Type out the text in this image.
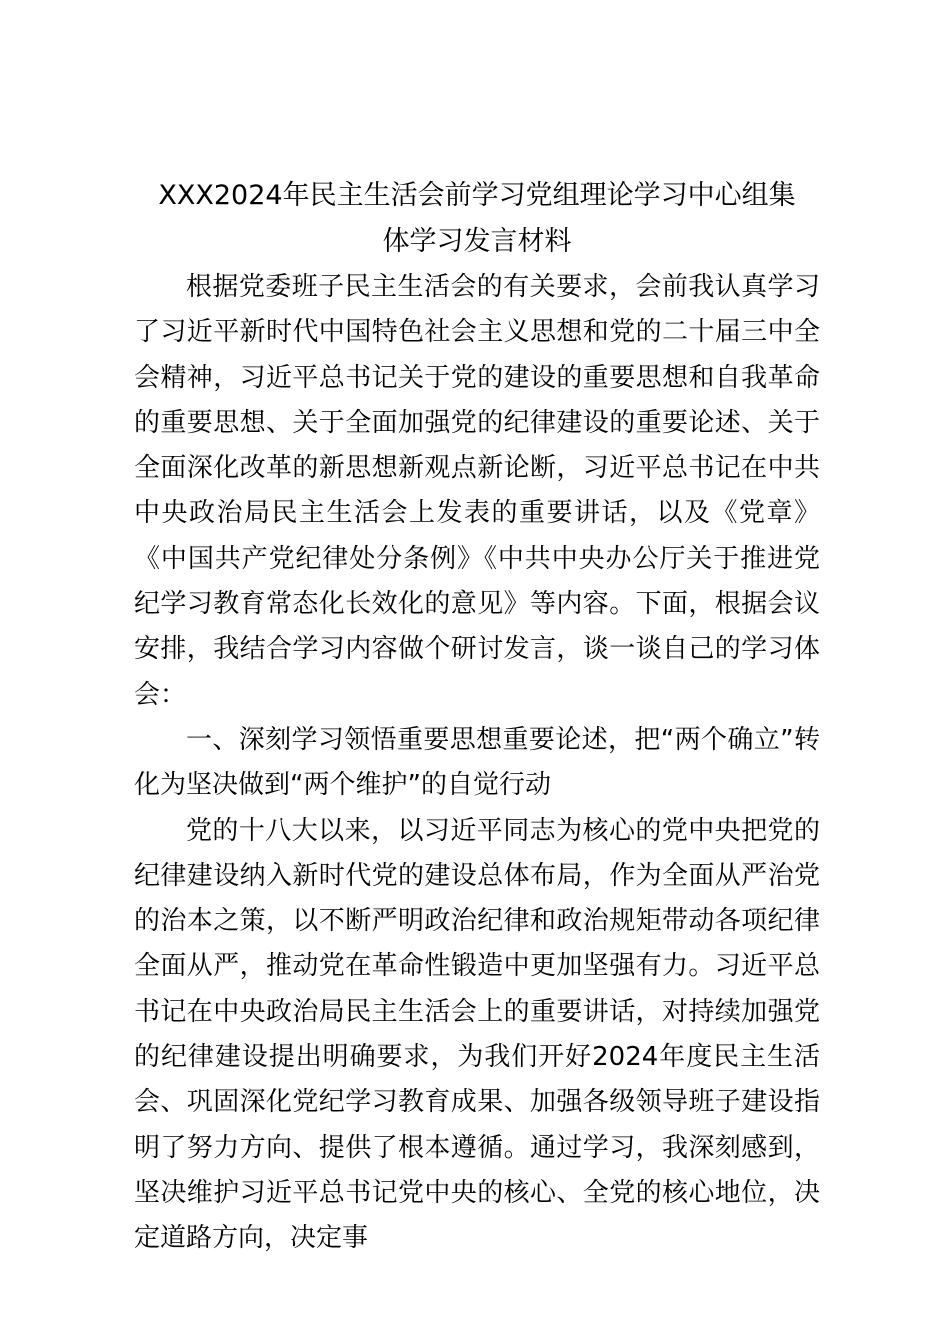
XXX2024年民主生活会前学习党组理论学习中心组集
体学习发言材料

根据党委班子民主生活会的有关要求，会前我认真学习了习近平新时代中国特色社会主义思想和党的二十届三中全会精神，习近平总书记关于党的建设的重要思想和自我革命的重要思想、关于全面加强党的纪律建设的重要论述、关于全面深化改革的新思想新观点新论断，习近平总书记在中共中央政治局民主生活会上发表的重要讲话，以及《党章》《中国共产党纪律处分条例》《中共中央办公厅关于推进党纪学习教育常态化长效化的意见》等内容。下面，根据会议安排，我结合学习内容做个研讨发言，谈一谈自己的学习体会：

一、深刻学习领悟重要思想重要论述，把“两个确立”转化为坚决做到“两个维护”的自觉行动

党的十八大以来，以习近平同志为核心的党中央把党的纪律建设纳入新时代党的建设总体布局，作为全面从严治党的治本之策，以不断严明政治纪律和政治规矩带动各项纪律全面从严，推动党在革命性锻造中更加坚强有力。习近平总书记在中央政治局民主生活会上的重要讲话，对持续加强党的纪律建设提出明确要求，为我们开好2024年度民主生活会、巩固深化党纪学习教育成果、加强各级领导班子建设指明了努力方向、提供了根本遵循。通过学习，我深刻感到，坚决维护习近平总书记党中央的核心、全党的核心地位，决定道路方向，决定事
